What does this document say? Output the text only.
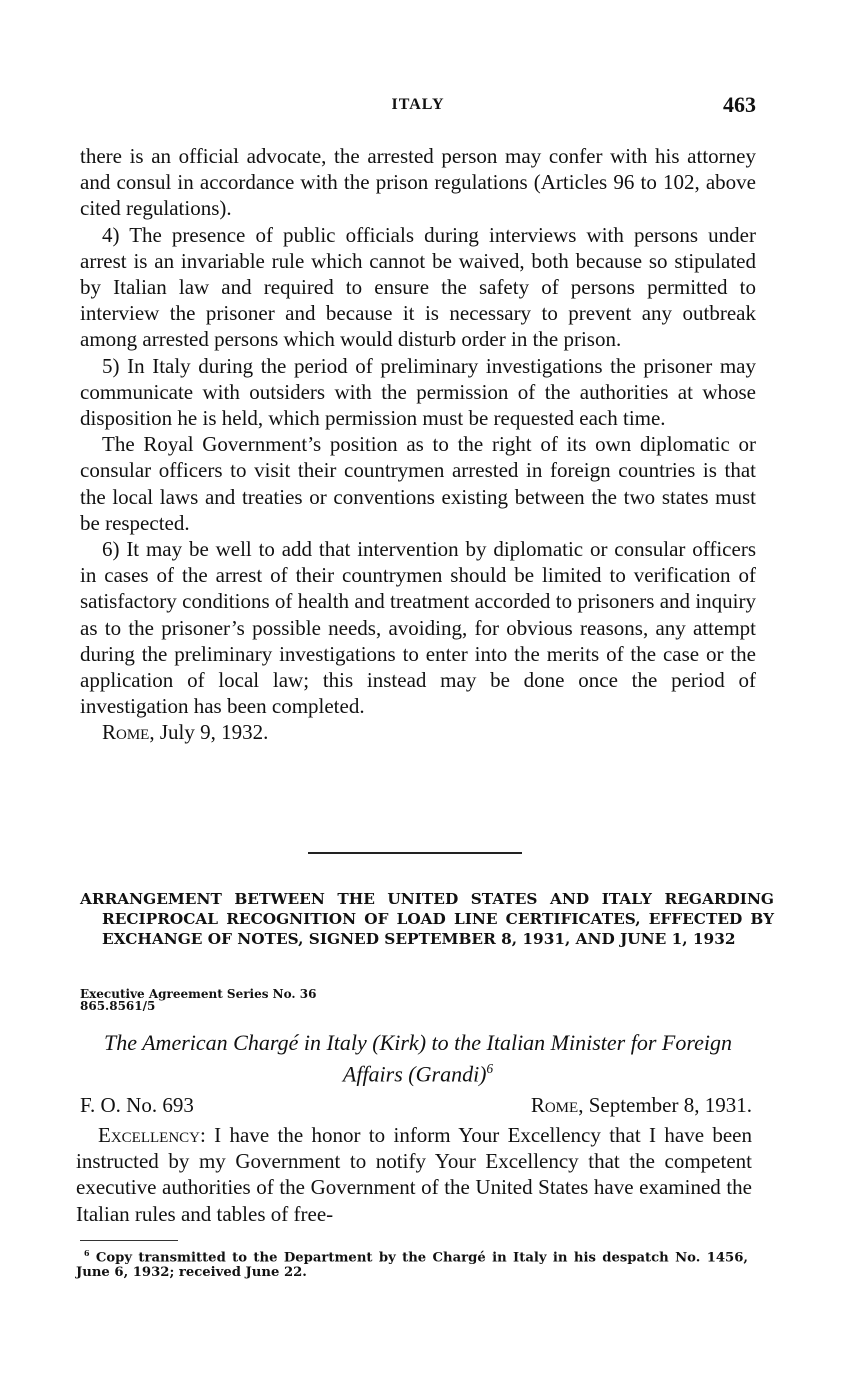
ITALY	463

there is an official advocate, the arrested person may confer with his attorney and consul in accordance with the prison regulations (Articles 96 to 102, above cited regulations).

4) The presence of public officials during interviews with persons under arrest is an invariable rule which cannot be waived, both because so stipulated by Italian law and required to ensure the safety of persons permitted to interview the prisoner and because it is necessary to prevent any outbreak among arrested persons which would disturb order in the prison.

5) In Italy during the period of preliminary investigations the prisoner may communicate with outsiders with the permission of the authorities at whose disposition he is held, which permission must be requested each time.

The Royal Government’s position as to the right of its own diplomatic or consular officers to visit their countrymen arrested in foreign countries is that the local laws and treaties or conventions existing between the two states must be respected.

6) It may be well to add that intervention by diplomatic or consular officers in cases of the arrest of their countrymen should be limited to verification of satisfactory conditions of health and treatment accorded to prisoners and inquiry as to the prisoner’s possible needs, avoiding, for obvious reasons, any attempt during the preliminary investigations to enter into the merits of the case or the application of local law; this instead may be done once the period of investigation has been completed.

Rome, July 9, 1932.

ARRANGEMENT BETWEEN THE UNITED STATES AND ITALY REGARDING RECIPROCAL RECOGNITION OF LOAD LINE CERTIFICATES, EFFECTED BY EXCHANGE OF NOTES, SIGNED SEPTEMBER 8, 1931, AND JUNE 1, 1932
Executive Agreement Series No. 36
865.8561/5
The American Chargé in Italy (Kirk) to the Italian Minister for Foreign Affairs (Grandi)$^6$
F. O. No. 693	Rome, September 8, 1931.

Excellency: I have the honor to inform Your Excellency that I have been instructed by my Government to notify Your Excellency that the competent executive authorities of the Government of the United States have examined the Italian rules and tables of free-

$^6$ Copy transmitted to the Department by the Chargé in Italy in his despatch No. 1456, June 6, 1932; received June 22.
